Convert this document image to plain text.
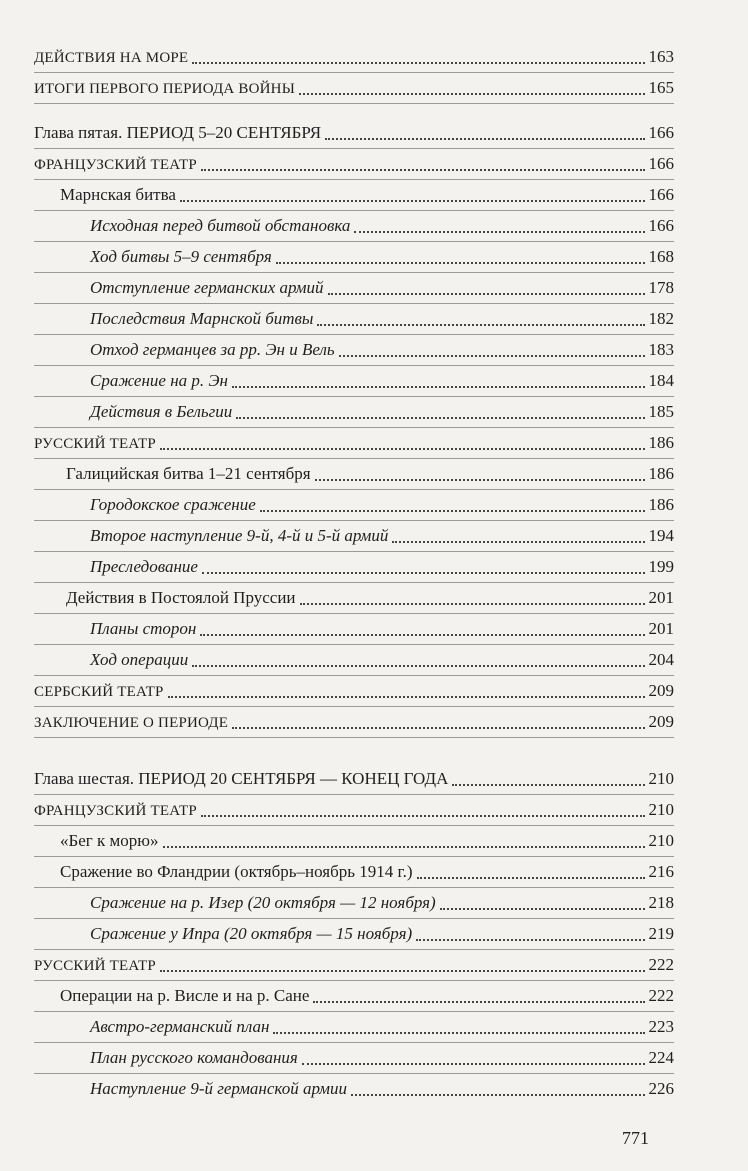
ДЕЙСТВИЯ НА МОРЕ	163
ИТОГИ ПЕРВОГО ПЕРИОДА ВОЙНЫ	165
Глава пятая. ПЕРИОД 5–20 СЕНТЯБРЯ	166
ФРАНЦУЗСКИЙ ТЕАТР	166
Марнская битва	166
Исходная перед битвой обстановка	166
Ход битвы 5–9 сентября	168
Отступление германских армий	178
Последствия Марнской битвы	182
Отход германцев за рр. Эн и Вель	183
Сражение на р. Эн	184
Действия в Бельгии	185
РУССКИЙ ТЕАТР	186
Галицийская битва 1–21 сентября	186
Городокское сражение	186
Второе наступление 9-й, 4-й и 5-й армий	194
Преследование	199
Действия в Постоялой Пруссии	201
Планы сторон	201
Ход операции	204
СЕРБСКИЙ ТЕАТР	209
ЗАКЛЮЧЕНИЕ О ПЕРИОДЕ	209
Глава шестая. ПЕРИОД 20 СЕНТЯБРЯ — КОНЕЦ ГОДА	210
ФРАНЦУЗСКИЙ ТЕАТР	210
«Бег к морю»	210
Сражение во Фландрии (октябрь–ноябрь 1914 г.)	216
Сражение на р. Изер (20 октября — 12 ноября)	218
Сражение у Ипра (20 октября — 15 ноября)	219
РУССКИЙ ТЕАТР	222
Операции на р. Висле и на р. Сане	222
Австро-германский план	223
План русского командования	224
Наступление 9-й германской армии	226
771
